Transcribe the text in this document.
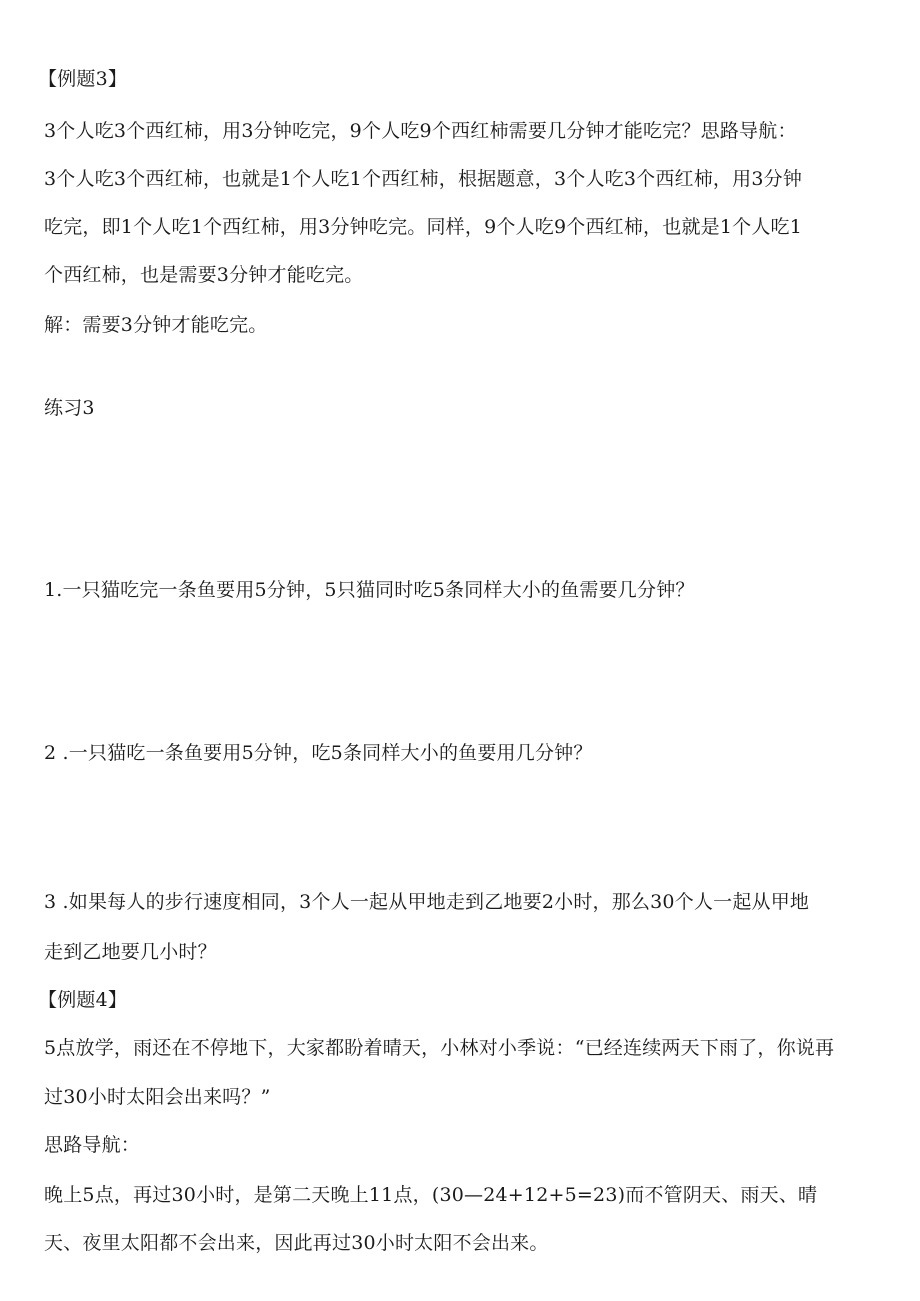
【例题3】
3个人吃3个西红柿，用3分钟吃完，9个人吃9个西红柿需要几分钟才能吃完？思路导航：
3个人吃3个西红柿，也就是1个人吃1个西红柿，根据题意，3个人吃3个西红柿，用3分钟
吃完，即1个人吃1个西红柿，用3分钟吃完。同样，9个人吃9个西红柿，也就是1个人吃1
个西红柿，也是需要3分钟才能吃完。
解：需要3分钟才能吃完。
练习3
1.一只猫吃完一条鱼要用5分钟，5只猫同时吃5条同样大小的鱼需要几分钟？
2 .一只猫吃一条鱼要用5分钟，吃5条同样大小的鱼要用几分钟？
3 .如果每人的步行速度相同，3个人一起从甲地走到乙地要2小时，那么30个人一起从甲地
走到乙地要几小时？
【例题4】
5点放学，雨还在不停地下，大家都盼着晴天，小林对小季说：“已经连续两天下雨了，你说再
过30小时太阳会出来吗？”
思路导航：
晚上5点，再过30小时，是第二天晚上11点，(30—24+12+5=23)而不管阴天、雨天、晴
天、夜里太阳都不会出来，因此再过30小时太阳不会出来。
